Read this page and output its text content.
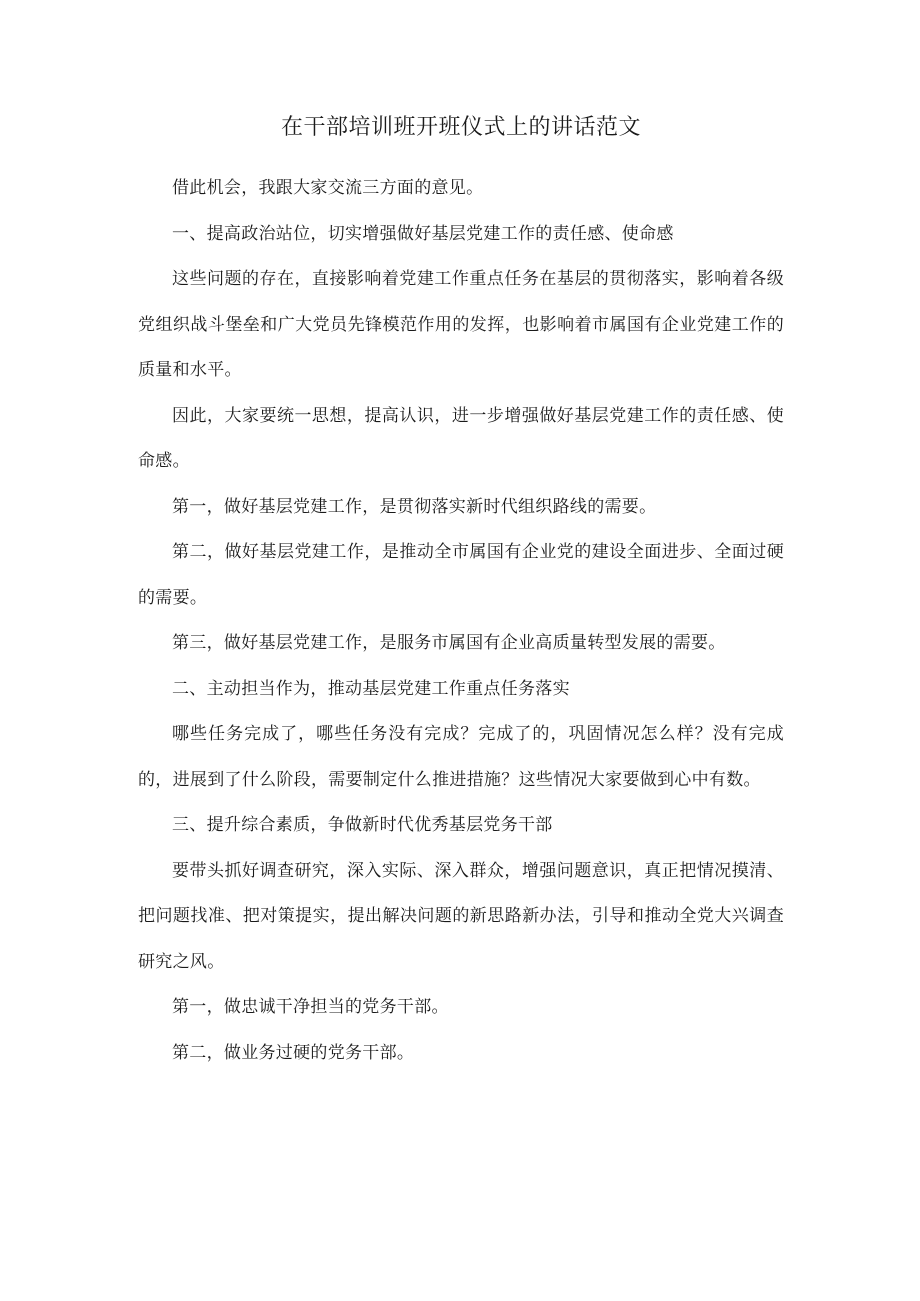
在干部培训班开班仪式上的讲话范文

借此机会，我跟大家交流三方面的意见。

一、提高政治站位，切实增强做好基层党建工作的责任感、使命感

这些问题的存在，直接影响着党建工作重点任务在基层的贯彻落实，影响着各级党组织战斗堡垒和广大党员先锋模范作用的发挥，也影响着市属国有企业党建工作的质量和水平。

因此，大家要统一思想，提高认识，进一步增强做好基层党建工作的责任感、使命感。

第一，做好基层党建工作，是贯彻落实新时代组织路线的需要。

第二，做好基层党建工作，是推动全市属国有企业党的建设全面进步、全面过硬的需要。

第三，做好基层党建工作，是服务市属国有企业高质量转型发展的需要。

二、主动担当作为，推动基层党建工作重点任务落实

哪些任务完成了，哪些任务没有完成？完成了的，巩固情况怎么样？没有完成的，进展到了什么阶段，需要制定什么推进措施？这些情况大家要做到心中有数。

三、提升综合素质，争做新时代优秀基层党务干部

要带头抓好调查研究，深入实际、深入群众，增强问题意识，真正把情况摸清、把问题找准、把对策提实，提出解决问题的新思路新办法，引导和推动全党大兴调查研究之风。

第一，做忠诚干净担当的党务干部。

第二，做业务过硬的党务干部。
